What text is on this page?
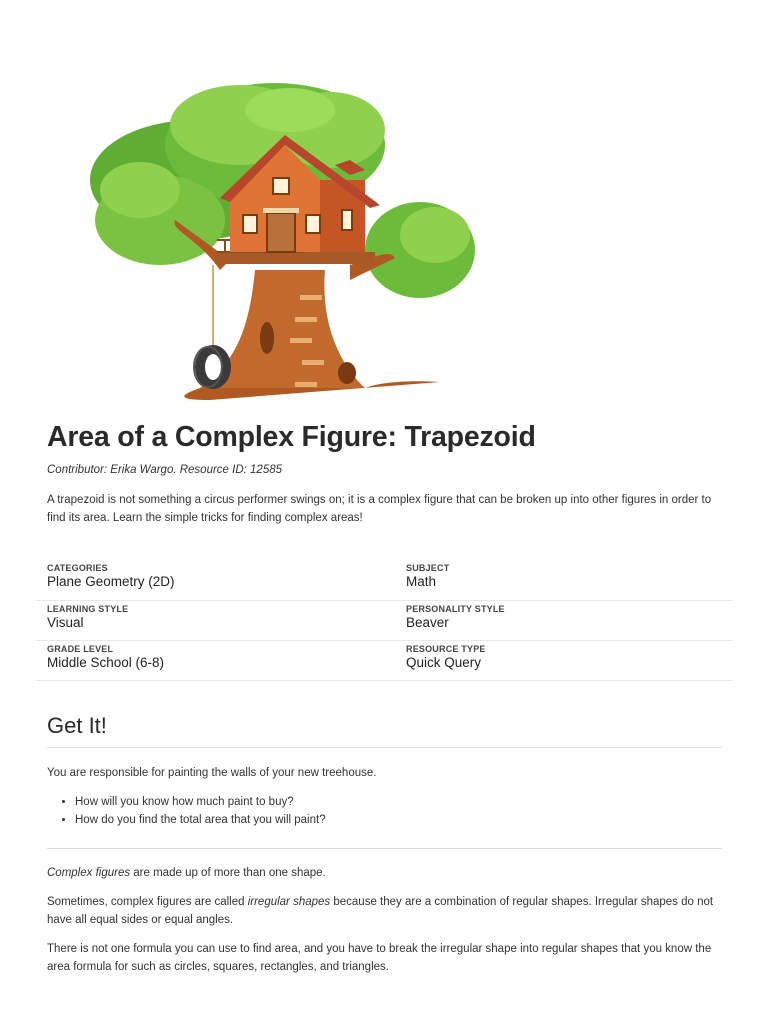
Area of a Complex Figure: Trapezoid
Contributor: Erika Wargo. Resource ID: 12585

A trapezoid is not something a circus performer swings on; it is a complex figure that can be broken up into other figures in order to find its area. Learn the simple tricks for finding complex areas!

CATEGORIES
Plane Geometry (2D)
SUBJECT
Math
LEARNING STYLE
Visual
PERSONALITY STYLE
Beaver
GRADE LEVEL
Middle School (6-8)
RESOURCE TYPE
Quick Query
Get It!

You are responsible for painting the walls of your new treehouse.

• How will you know how much paint to buy?
• How do you find the total area that you will paint?

Complex figures are made up of more than one shape.

Sometimes, complex figures are called irregular shapes because they are a combination of regular shapes. Irregular shapes do not have all equal sides or equal angles.

There is not one formula you can use to find area, and you have to break the irregular shape into regular shapes that you know the area formula for such as circles, squares, rectangles, and triangles.
